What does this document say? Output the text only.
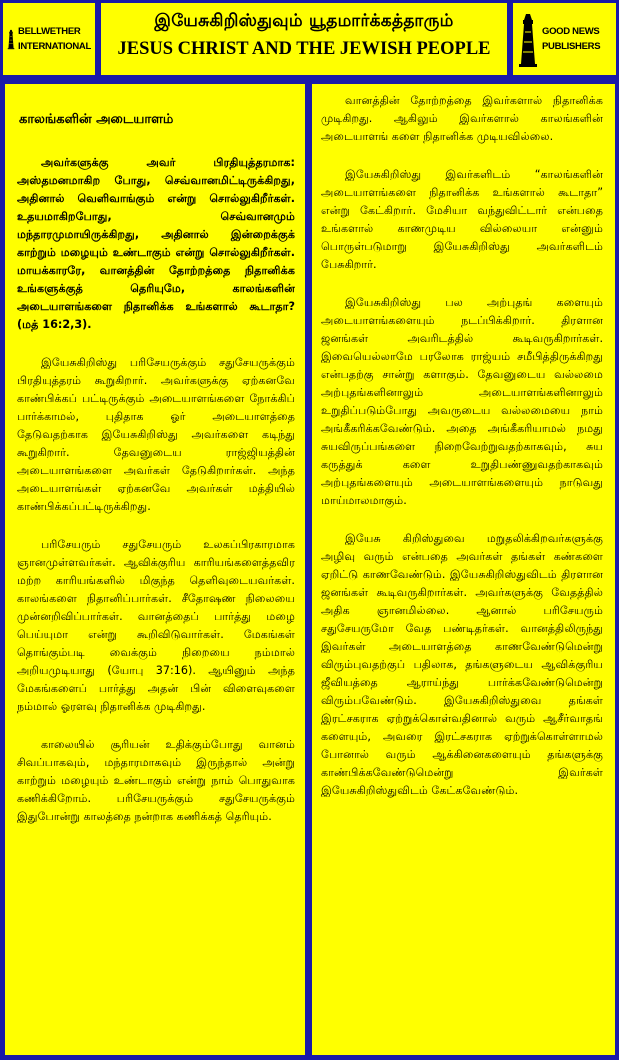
BELLWETHER
INTERNATIONAL
இயேசுகிறிஸ்துவும் யூதமார்க்கத்தாரும்
JESUS CHRIST AND THE JEWISH PEOPLE
GOOD NEWS
PUBLISHERS
காலங்களின் அடையாளம்

அவர்களுக்கு அவர் பிரதியுத்தரமாக: அஸ்தமனமாகிற போது, செவ்வானமிட்டிருக்கிறது, அதினால் வெளிவாங்கும் என்று சொல்லுகிறீர்கள். உதயமாகிறபோது, செவ்வானமும் மந்தாரமுமாயிருக்கிறது, அதினால் இன்றைக்குக் காற்றும் மழையும் உண்டாகும் என்று சொல்லுகிறீர்கள். மாயக்காரரே, வானத்தின் தோற்றத்தை நிதானிக்க உங்களுக்குத் தெரியுமே, காலங்களின் அடையாளங்களை நிதானிக்க உங்களால் கூடாதா? (மத் 16:2,3).

இயேசுகிறிஸ்து பரிசேயருக்கும் சதுசேயருக்கும் பிரதியுத்தரம் கூறுகிறார். அவர்களுக்கு ஏற்கனவே காண்பிக்கப் பட்டிருக்கும் அடையாளங்களை நோக்கிப் பார்க்காமல், புதிதாக ஓர் அடையாளத்தை தேடுவதற்காக இயேசுகிறிஸ்து அவர்களை கடிந்து கூறுகிறார். தேவனுடைய ராஜ்ஜியத்தின் அடையாளங்களை அவர்கள் தேடுகிறார்கள். அந்த அடையாளங்கள் ஏற்கனவே அவர்கள் மத்தியில் காண்பிக்கப்பட்டிருக்கிறது.

பரிசேயரும் சதுசேயரும் உலகப்பிரகாரமாக ஞானமுள்ளவர்கள். ஆவிக்குரிய காரியங்களைத்தவிர மற்ற காரியங்களில் மிகுந்த தெளிவுடையவர்கள். காலங்களை நிதானிப்பார்கள். சீதோஷண நிலையை முன்னறிவிப்பார்கள். வானத்தைப் பார்த்து மழை பெய்யுமா என்று கூறிவிடுவார்கள். மேகங்கள் தொங்கும்படி வைக்கும் நிறையை நம்மால் அறியமுடியாது (யோபு 37:16). ஆயினும் அந்த மேகங்களைப் பார்த்து அதன் பின் விளைவுகளை நம்மால் ஓரளவு நிதானிக்க முடிகிறது.

காலையில் சூரியன் உதிக்கும்போது வானம் சிவப்பாகவும், மந்தாரமாகவும் இருந்தால் அன்று காற்றும் மழையும் உண்டாகும் என்று நாம் பொதுவாக கணிக்கிறோம். பரிசேயருக்கும் சதுசேயருக்கும் இதுபோன்று காலத்தை நன்றாக கணிக்கத் தெரியும்.

வானத்தின் தோற்றத்தை இவர்களால் நிதானிக்க முடிகிறது. ஆகிலும் இவர்களால் காலங்களின் அடையாளங் களை நிதானிக்க முடியவில்லை.

இயேசுகிறிஸ்து இவர்களிடம் “காலங்களின் அடையாளங்களை நிதானிக்க உங்களால் கூடாதா” என்று கேட்கிறார். மேசியா வந்துவிட்டார் என்பதை உங்களால் காணமுடிய வில்லையா என்னும் பொருள்படுமாறு இயேசுகிறிஸ்து அவர்களிடம் பேசுகிறார்.

இயேசுகிறிஸ்து பல அற்புதங் களையும் அடையாளங்களையும் நடப்பிக்கிறார். திரளான ஜனங்கள் அவரிடத்தில் கூடிவருகிறார்கள். இவையெல்லாமே பரலோக ராஜ்யம் சமீபித்திருக்கிறது என்பதற்கு சான்று களாகும். தேவனுடைய வல்லமை அற்புதங்களினாலும் அடையாளங்களினாலும் உறுதிப்படும்போது அவருடைய வல்லமையை நாம் அங்கீகரிக்கவேண்டும். அதை அங்கீகரியாமல் நமது சுயவிருப்பங்களை நிறைவேற்றுவதற்காகவும், சுய கருத்துக் களை உறுதிபண்ணுவதற்காகவும் அற்புதங்களையும் அடையாளங்களையும் நாடுவது மாய்மாலமாகும்.

இயேசு கிறிஸ்துவை மறுதலிக்கிறவர்களுக்கு அழிவு வரும் என்பதை அவர்கள் தங்கள் கண்களை ஏறிட்டு காணவேண்டும். இயேசுகிறிஸ்துவிடம் திரளான ஜனங்கள் கூடிவருகிறார்கள். அவர்களுக்கு வேதத்தில் அதிக ஞானமில்லை. ஆனால் பரிசேயரும் சதுசேயருமோ வேத பண்டிதர்கள். வானத்திலிருந்து இவர்கள் அடையாளத்தை காணவேண்டுமென்று விரும்புவதற்குப் பதிலாக, தங்களுடைய ஆவிக்குரிய ஜீவியத்தை ஆராய்ந்து பார்க்கவேண்டுமென்று விரும்பவேண்டும். இயேசுகிறிஸ்துவை தங்கள் இரட்சகராக ஏற்றுக்கொள்வதினால் வரும் ஆசீர்வாதங் களையும், அவரை இரட்சகராக ஏற்றுக்கொள்ளாமல் போனால் வரும் ஆக்கினைகளையும் தங்களுக்கு காண்பிக்கவேண்டுமென்று இவர்கள் இயேசுகிறிஸ்துவிடம் கேட்கவேண்டும்.
